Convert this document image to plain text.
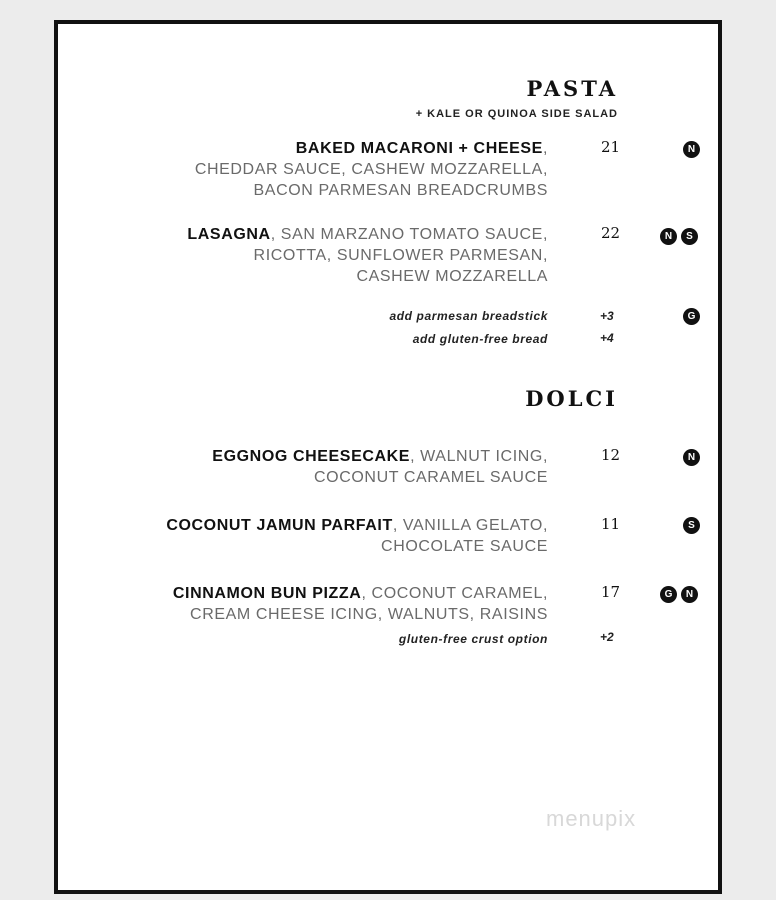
PASTA
+ KALE OR QUINOA SIDE SALAD
BAKED MACARONI + CHEESE,
CHEDDAR SAUCE, CASHEW MOZZARELLA,
BACON PARMESAN BREADCRUMBS
21	N
LASAGNA, SAN MARZANO TOMATO SAUCE,
RICOTTA, SUNFLOWER PARMESAN,
CASHEW MOZZARELLA
22	N	S
add parmesan breadstick	+3	G
add gluten-free bread	+4
DOLCI
EGGNOG CHEESECAKE, WALNUT ICING,
COCONUT CARAMEL SAUCE
12	N
COCONUT JAMUN PARFAIT, VANILLA GELATO,
CHOCOLATE SAUCE
11	S
CINNAMON BUN PIZZA, COCONUT CARAMEL,
CREAM CHEESE ICING, WALNUTS, RAISINS
17	G	N
gluten-free crust option	+2
menupix
